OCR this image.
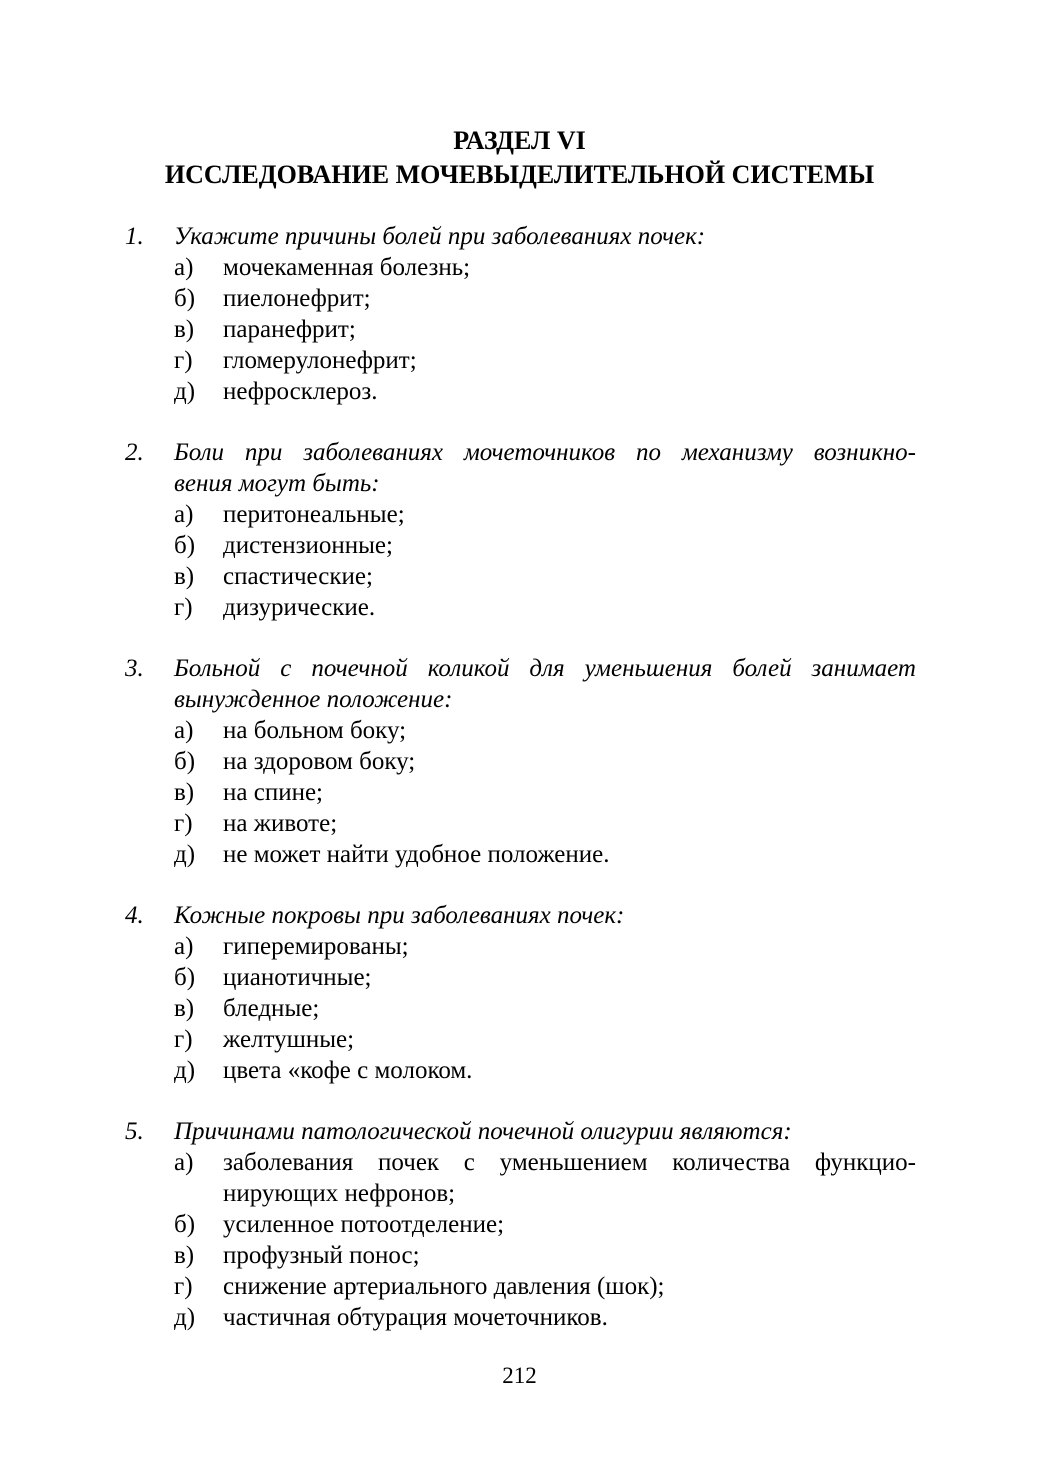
РАЗДЕЛ VI
ИССЛЕДОВАНИЕ МОЧЕВЫДЕЛИТЕЛЬНОЙ СИСТЕМЫ
1. Укажите причины болей при заболеваниях почек:
а) мочекаменная болезнь;
б) пиелонефрит;
в) паранефрит;
г) гломерулонефрит;
д) нефросклероз.
2. Боли при заболеваниях мочеточников по механизму возникно-
вения могут быть:
а) перитонеальные;
б) дистензионные;
в) спастические;
г) дизурические.
3. Больной с почечной коликой для уменьшения болей занимает
вынужденное положение:
а) на больном боку;
б) на здоровом боку;
в) на спине;
г) на животе;
д) не может найти удобное положение.
4. Кожные покровы при заболеваниях почек:
а) гиперемированы;
б) цианотичные;
в) бледные;
г) желтушные;
д) цвета «кофе с молоком.
5. Причинами патологической почечной олигурии являются:
а) заболевания почек с уменьшением количества функцио-
нирующих нефронов;
б) усиленное потоотделение;
в) профузный понос;
г) снижение артериального давления (шок);
д) частичная обтурация мочеточников.
212
